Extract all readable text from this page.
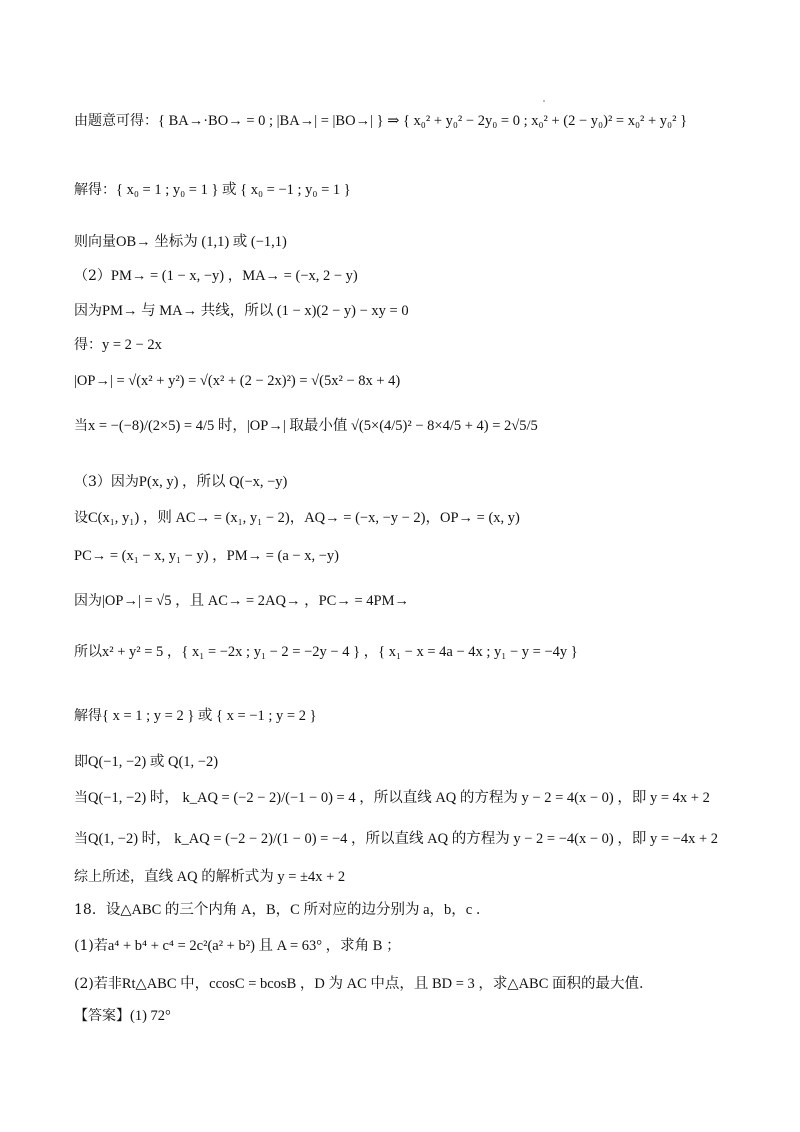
由题意可得：{ BA→·BO→ = 0 ; |BA→| = |BO→| } ⇒ { x₀² + y₀² − 2y₀ = 0 ; x₀² + (2 − y₀)² = x₀² + y₀² }
解得：{ x₀ = 1 ; y₀ = 1 } 或 { x₀ = −1 ; y₀ = 1 }
则向量OB→ 坐标为 (1,1) 或 (−1,1)
（2）PM→ = (1 − x, −y) ，MA→ = (−x, 2 − y)
因为PM→ 与 MA→ 共线，所以 (1 − x)(2 − y) − xy = 0
得：y = 2 − 2x
|OP→| = √(x² + y²) = √(x² + (2 − 2x)²) = √(5x² − 8x + 4)
当x = −(−8)/(2×5) = 4/5 时，|OP→| 取最小值 √(5×(4/5)² − 8×4/5 + 4) = 2√5/5
（3）因为P(x, y) ，所以 Q(−x, −y)
设C(x₁, y₁) ，则 AC→ = (x₁, y₁ − 2)，AQ→ = (−x, −y − 2)，OP→ = (x, y)
PC→ = (x₁ − x, y₁ − y) ，PM→ = (a − x, −y)
因为|OP→| = √5 ，且 AC→ = 2AQ→ ，PC→ = 4PM→
所以x² + y² = 5 ，{ x₁ = −2x ; y₁ − 2 = −2y − 4 } ，{ x₁ − x = 4a − 4x ; y₁ − y = −4y }
解得{ x = 1 ; y = 2 } 或 { x = −1 ; y = 2 }
即Q(−1, −2) 或 Q(1, −2)
当Q(−1, −2) 时， k_AQ = (−2 − 2)/(−1 − 0) = 4 ，所以直线 AQ 的方程为 y − 2 = 4(x − 0) ，即 y = 4x + 2
当Q(1, −2) 时， k_AQ = (−2 − 2)/(1 − 0) = −4 ，所以直线 AQ 的方程为 y − 2 = −4(x − 0) ，即 y = −4x + 2
综上所述，直线 AQ 的解析式为 y = ±4x + 2
18．设△ABC 的三个内角 A，B，C 所对应的边分别为 a，b，c ．
(1)若a⁴ + b⁴ + c⁴ = 2c²(a² + b²) 且 A = 63° ，求角 B ；
(2)若非Rt△ABC 中，ccosC = bcosB ，D 为 AC 中点，且 BD = 3 ，求△ABC 面积的最大值．
【答案】(1) 72°
